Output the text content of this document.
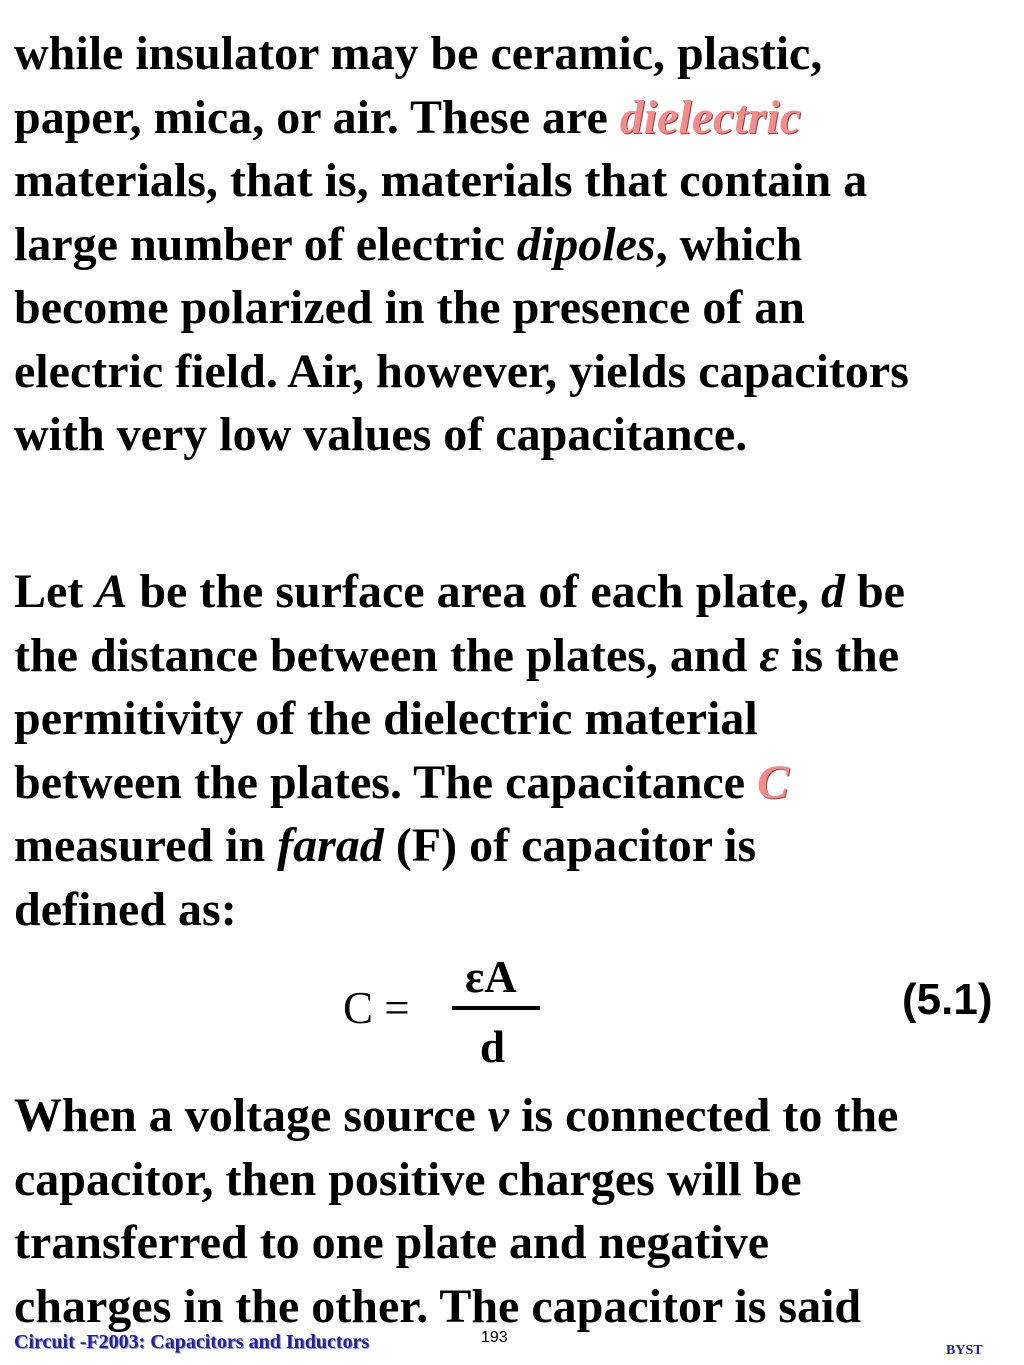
while insulator may be ceramic, plastic,
paper, mica, or air. These are dielectric
materials, that is, materials that contain a
large number of electric dipoles, which
become polarized in the presence of an
electric field. Air, however, yields capacitors
with very low values of capacitance.
Let A be the surface area of each plate, d be
the distance between the plates, and ε is the
permitivity of the dielectric material
between the plates. The capacitance C
measured in farad (F) of capacitor is
defined as:
C =
εA
d
(5.1)
When a voltage source v is connected to the
capacitor, then positive charges will be
transferred to one plate and negative
charges in the other. The capacitor is said
Circuit -F2003: Capacitors and Inductors	193
BYST
